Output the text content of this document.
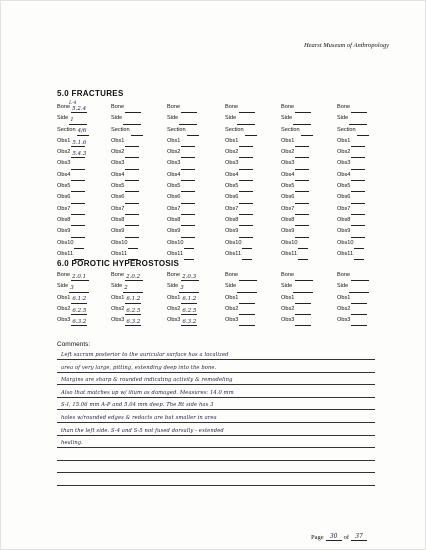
Hearst Museum of Anthropology
5.0 FRACTURES
Bone 5.2.4
Side 1
Section 4/6
Obs1 5.1.6
Obs2 5.4.3
Obs3
Obs4
Obs5
Obs6
Obs7
Obs8
Obs9
Obs10
Obs11
L-4
Bone
Side
Section
Obs1
Obs2
Obs3
Obs4
Obs5
Obs6
Obs7
Obs8
Obs9
Obs10
Obs11
Bone
Side
Section
Obs1
Obs2
Obs3
Obs4
Obs5
Obs6
Obs7
Obs8
Obs9
Obs10
Obs11
Bone
Side
Section
Obs1
Obs2
Obs3
Obs4
Obs5
Obs6
Obs7
Obs8
Obs9
Obs10
Obs11
Bone
Side
Section
Obs1
Obs2
Obs3
Obs4
Obs5
Obs6
Obs7
Obs8
Obs9
Obs10
Obs11
Bone
Side
Section
Obs1
Obs2
Obs3
Obs4
Obs5
Obs6
Obs7
Obs8
Obs9
Obs10
Obs11
6.0 POROTIC HYPEROSTOSIS
Bone 2.0.1
Side 3
Obs1 6.1.2
Obs2 6.2.5
Obs3 6.3.2
Bone 2.0.2
Side 2
Obs1 6.1.2
Obs2 6.2.5
Obs3 6.3.2
Bone 2.0.3
Side 3
Obs1 6.1.2
Obs2 6.2.5
Obs3 6.3.2
Bone
Side
Obs1
Obs2
Obs3
Bone
Side
Obs1
Obs2
Obs3
Bone
Side
Obs1
Obs2
Obs3
Comments:
Left sacrum posterior to the auricular surface has a localized
area of very large, pitting, extending deep into the bone.
Margins are sharp & rounded indicating activity & remodeling
Also that matches up w/ ilium as damaged. Measures: 14.0 mm
S-I, 15.06 mm A-P and 5.04 mm deep. The Rt side has 3
holes w/rounded edges & redacts are but smaller in area
than the left side. S-4 and S-5 not fused dorsally - extended
healing.
Page	30 of	37
